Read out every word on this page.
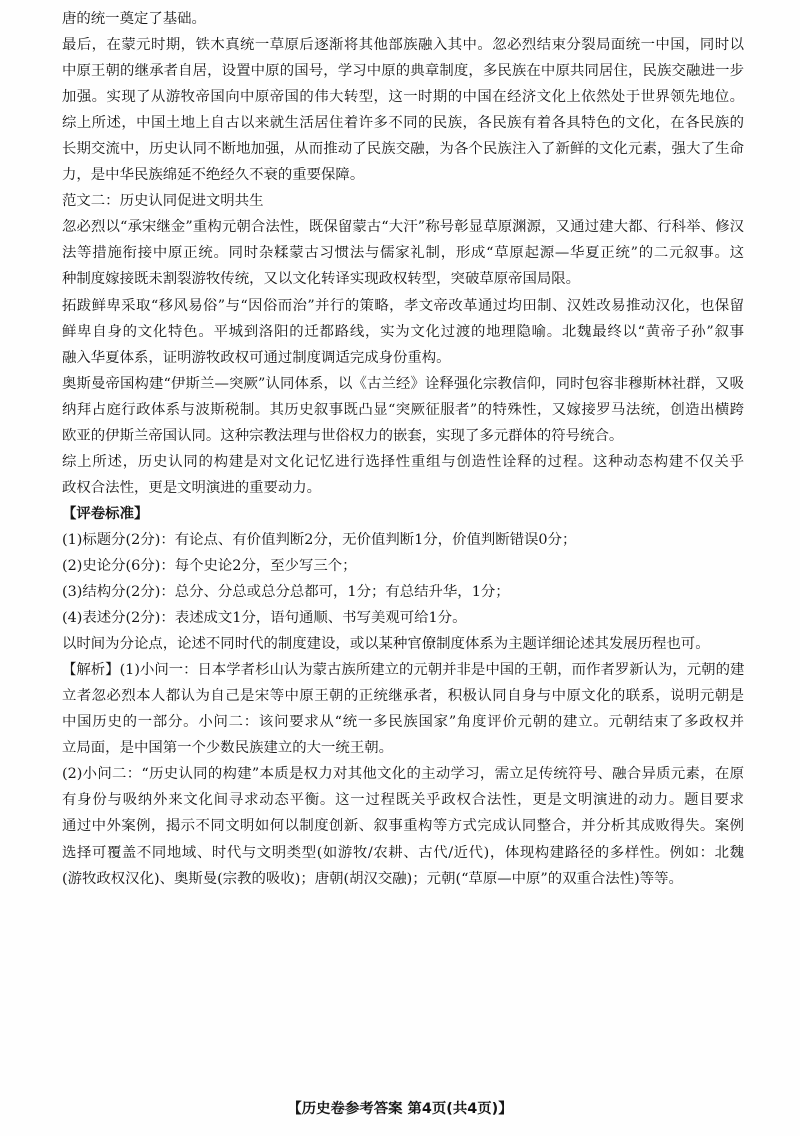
唐的统一奠定了基础。
最后，在蒙元时期，铁木真统一草原后逐渐将其他部族融入其中。忽必烈结束分裂局面统一中国，同时以
中原王朝的继承者自居，设置中原的国号，学习中原的典章制度，多民族在中原共同居住，民族交融进一步
加强。实现了从游牧帝国向中原帝国的伟大转型，这一时期的中国在经济文化上依然处于世界领先地位。
综上所述，中国土地上自古以来就生活居住着许多不同的民族，各民族有着各具特色的文化，在各民族的
长期交流中，历史认同不断地加强，从而推动了民族交融，为各个民族注入了新鲜的文化元素，强大了生命
力，是中华民族绵延不绝经久不衰的重要保障。
范文二：历史认同促进文明共生
忽必烈以“承宋继金”重构元朝合法性，既保留蒙古“大汗”称号彰显草原渊源，又通过建大都、行科举、修汉
法等措施衔接中原正统。同时杂糅蒙古习惯法与儒家礼制，形成“草原起源—华夏正统”的二元叙事。这
种制度嫁接既未割裂游牧传统，又以文化转译实现政权转型，突破草原帝国局限。
拓跋鲜卑采取“移风易俗”与“因俗而治”并行的策略，孝文帝改革通过均田制、汉姓改易推动汉化，也保留
鲜卑自身的文化特色。平城到洛阳的迁都路线，实为文化过渡的地理隐喻。北魏最终以“黄帝子孙”叙事
融入华夏体系，证明游牧政权可通过制度调适完成身份重构。
奥斯曼帝国构建“伊斯兰—突厥”认同体系，以《古兰经》诠释强化宗教信仰，同时包容非穆斯林社群，又吸
纳拜占庭行政体系与波斯税制。其历史叙事既凸显“突厥征服者”的特殊性，又嫁接罗马法统，创造出横跨
欧亚的伊斯兰帝国认同。这种宗教法理与世俗权力的嵌套，实现了多元群体的符号统合。
综上所述，历史认同的构建是对文化记忆进行选择性重组与创造性诠释的过程。这种动态构建不仅关乎
政权合法性，更是文明演进的重要动力。
【评卷标准】
(1)标题分(2分)：有论点、有价值判断2分，无价值判断1分，价值判断错误0分；
(2)史论分(6分)：每个史论2分，至少写三个；
(3)结构分(2分)：总分、分总或总分总都可，1分；有总结升华，1分；
(4)表述分(2分)：表述成文1分，语句通顺、书写美观可给1分。
以时间为分论点，论述不同时代的制度建设，或以某种官僚制度体系为主题详细论述其发展历程也可。
【解析】(1)小问一：日本学者杉山认为蒙古族所建立的元朝并非是中国的王朝，而作者罗新认为，元朝的建
立者忽必烈本人都认为自己是宋等中原王朝的正统继承者，积极认同自身与中原文化的联系，说明元朝是
中国历史的一部分。小问二：该问要求从“统一多民族国家”角度评价元朝的建立。元朝结束了多政权并
立局面，是中国第一个少数民族建立的大一统王朝。
(2)小问二：“历史认同的构建”本质是权力对其他文化的主动学习，需立足传统符号、融合异质元素，在原
有身份与吸纳外来文化间寻求动态平衡。这一过程既关乎政权合法性，更是文明演进的动力。题目要求
通过中外案例，揭示不同文明如何以制度创新、叙事重构等方式完成认同整合，并分析其成败得失。案例
选择可覆盖不同地域、时代与文明类型(如游牧/农耕、古代/近代)，体现构建路径的多样性。例如：北魏
(游牧政权汉化)、奥斯曼(宗教的吸收)；唐朝(胡汉交融)；元朝(“草原—中原”的双重合法性)等等。
【历史卷参考答案 第4页(共4页)】
